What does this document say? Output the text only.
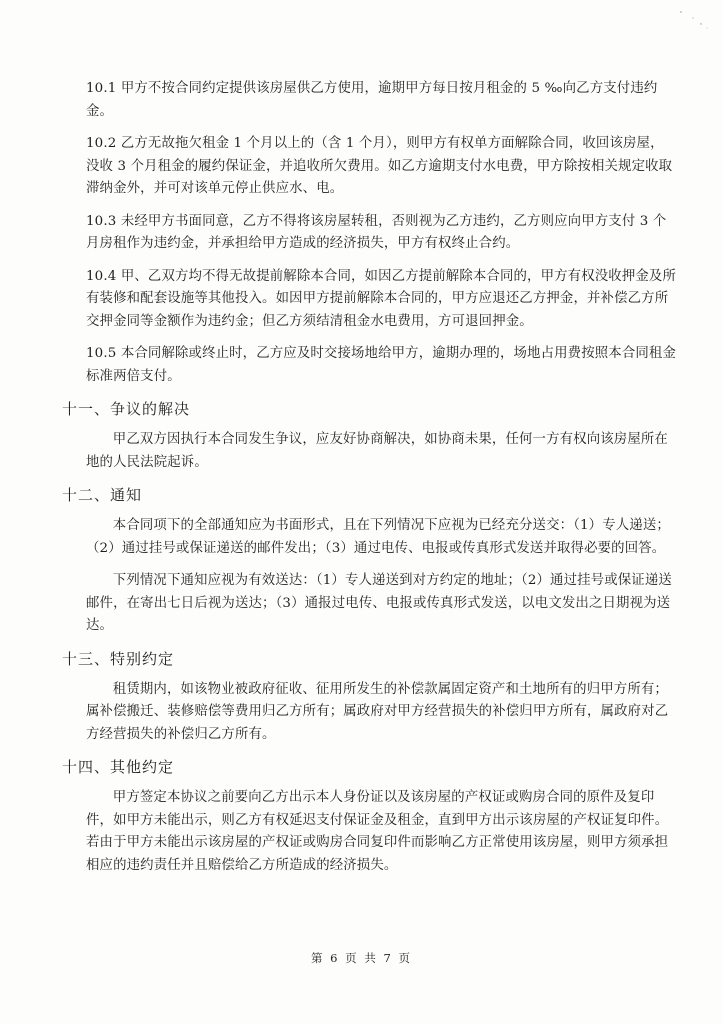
10.1 甲方不按合同约定提供该房屋供乙方使用，逾期甲方每日按月租金的 5 ‰向乙方支付违约金。

10.2 乙方无故拖欠租金 1 个月以上的（含 1 个月），则甲方有权单方面解除合同，收回该房屋，没收 3 个月租金的履约保证金，并追收所欠费用。如乙方逾期支付水电费，甲方除按相关规定收取滞纳金外，并可对该单元停止供应水、电。

10.3 未经甲方书面同意，乙方不得将该房屋转租，否则视为乙方违约，乙方则应向甲方支付 3 个月房租作为违约金，并承担给甲方造成的经济损失，甲方有权终止合约。

10.4 甲、乙双方均不得无故提前解除本合同，如因乙方提前解除本合同的，甲方有权没收押金及所有装修和配套设施等其他投入。如因甲方提前解除本合同的，甲方应退还乙方押金，并补偿乙方所交押金同等金额作为违约金；但乙方须结清租金水电费用，方可退回押金。

10.5 本合同解除或终止时，乙方应及时交接场地给甲方，逾期办理的，场地占用费按照本合同租金标准两倍支付。

十一、争议的解决

甲乙双方因执行本合同发生争议，应友好协商解决，如协商未果，任何一方有权向该房屋所在地的人民法院起诉。

十二、通知

本合同项下的全部通知应为书面形式，且在下列情况下应视为已经充分送交：（1）专人递送；（2）通过挂号或保证递送的邮件发出；（3）通过电传、电报或传真形式发送并取得必要的回答。

下列情况下通知应视为有效送达：（1）专人递送到对方约定的地址；（2）通过挂号或保证递送邮件，在寄出七日后视为送达；（3）通报过电传、电报或传真形式发送，以电文发出之日期视为送达。

十三、特别约定

租赁期内，如该物业被政府征收、征用所发生的补偿款属固定资产和土地所有的归甲方所有；属补偿搬迁、装修赔偿等费用归乙方所有；属政府对甲方经营损失的补偿归甲方所有，属政府对乙方经营损失的补偿归乙方所有。

十四、其他约定

甲方签定本协议之前要向乙方出示本人身份证以及该房屋的产权证或购房合同的原件及复印件，如甲方未能出示，则乙方有权延迟支付保证金及租金，直到甲方出示该房屋的产权证复印件。若由于甲方未能出示该房屋的产权证或购房合同复印件而影响乙方正常使用该房屋，则甲方须承担相应的违约责任并且赔偿给乙方所造成的经济损失。

第 6 页 共 7 页
